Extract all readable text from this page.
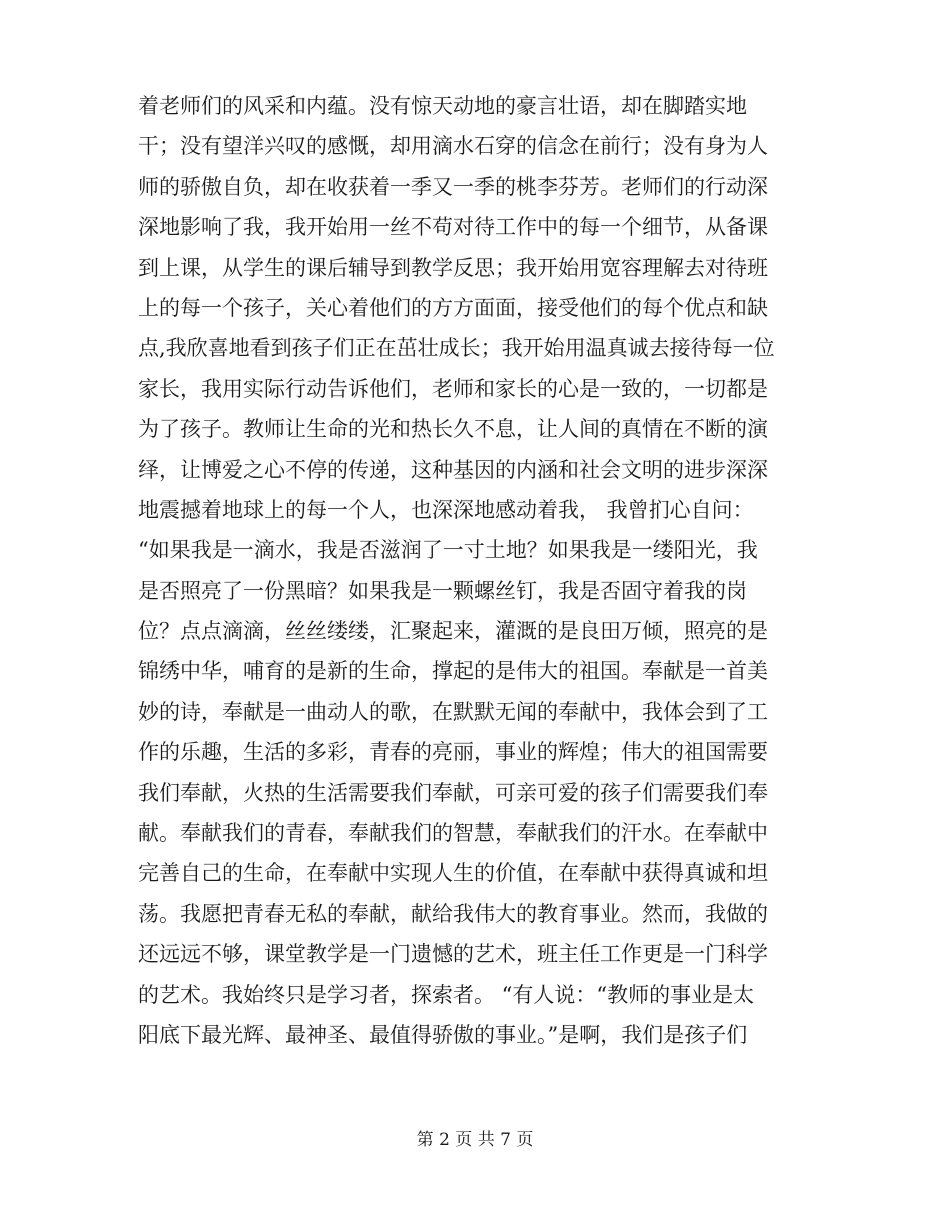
着老师们的风采和内蕴。没有惊天动地的豪言壮语，却在脚踏实地
干；没有望洋兴叹的感慨，却用滴水石穿的信念在前行；没有身为人
师的骄傲自负，却在收获着一季又一季的桃李芬芳。老师们的行动深
深地影响了我，我开始用一丝不苟对待工作中的每一个细节，从备课
到上课，从学生的课后辅导到教学反思；我开始用宽容理解去对待班
上的每一个孩子，关心着他们的方方面面，接受他们的每个优点和缺
点,我欣喜地看到孩子们正在茁壮成长；我开始用温真诚去接待每一位
家长，我用实际行动告诉他们，老师和家长的心是一致的，一切都是
为了孩子。教师让生命的光和热长久不息，让人间的真情在不断的演
绎，让博爱之心不停的传递，这种基因的内涵和社会文明的进步深深
地震撼着地球上的每一个人，也深深地感动着我， 我曾扪心自问：
“如果我是一滴水，我是否滋润了一寸土地？如果我是一缕阳光，我
是否照亮了一份黑暗？如果我是一颗螺丝钉，我是否固守着我的岗
位？点点滴滴，丝丝缕缕，汇聚起来，灌溉的是良田万倾，照亮的是
锦绣中华，哺育的是新的生命，撑起的是伟大的祖国。奉献是一首美
妙的诗，奉献是一曲动人的歌，在默默无闻的奉献中，我体会到了工
作的乐趣，生活的多彩，青春的亮丽，事业的辉煌；伟大的祖国需要
我们奉献，火热的生活需要我们奉献，可亲可爱的孩子们需要我们奉
献。奉献我们的青春，奉献我们的智慧，奉献我们的汗水。在奉献中
完善自己的生命，在奉献中实现人生的价值，在奉献中获得真诚和坦
荡。我愿把青春无私的奉献，献给我伟大的教育事业。然而，我做的
还远远不够，课堂教学是一门遗憾的艺术，班主任工作更是一门科学
的艺术。我始终只是学习者，探索者。 “有人说：“教师的事业是太
阳底下最光辉、最神圣、最值得骄傲的事业。”是啊，我们是孩子们
第 2 页 共 7 页
